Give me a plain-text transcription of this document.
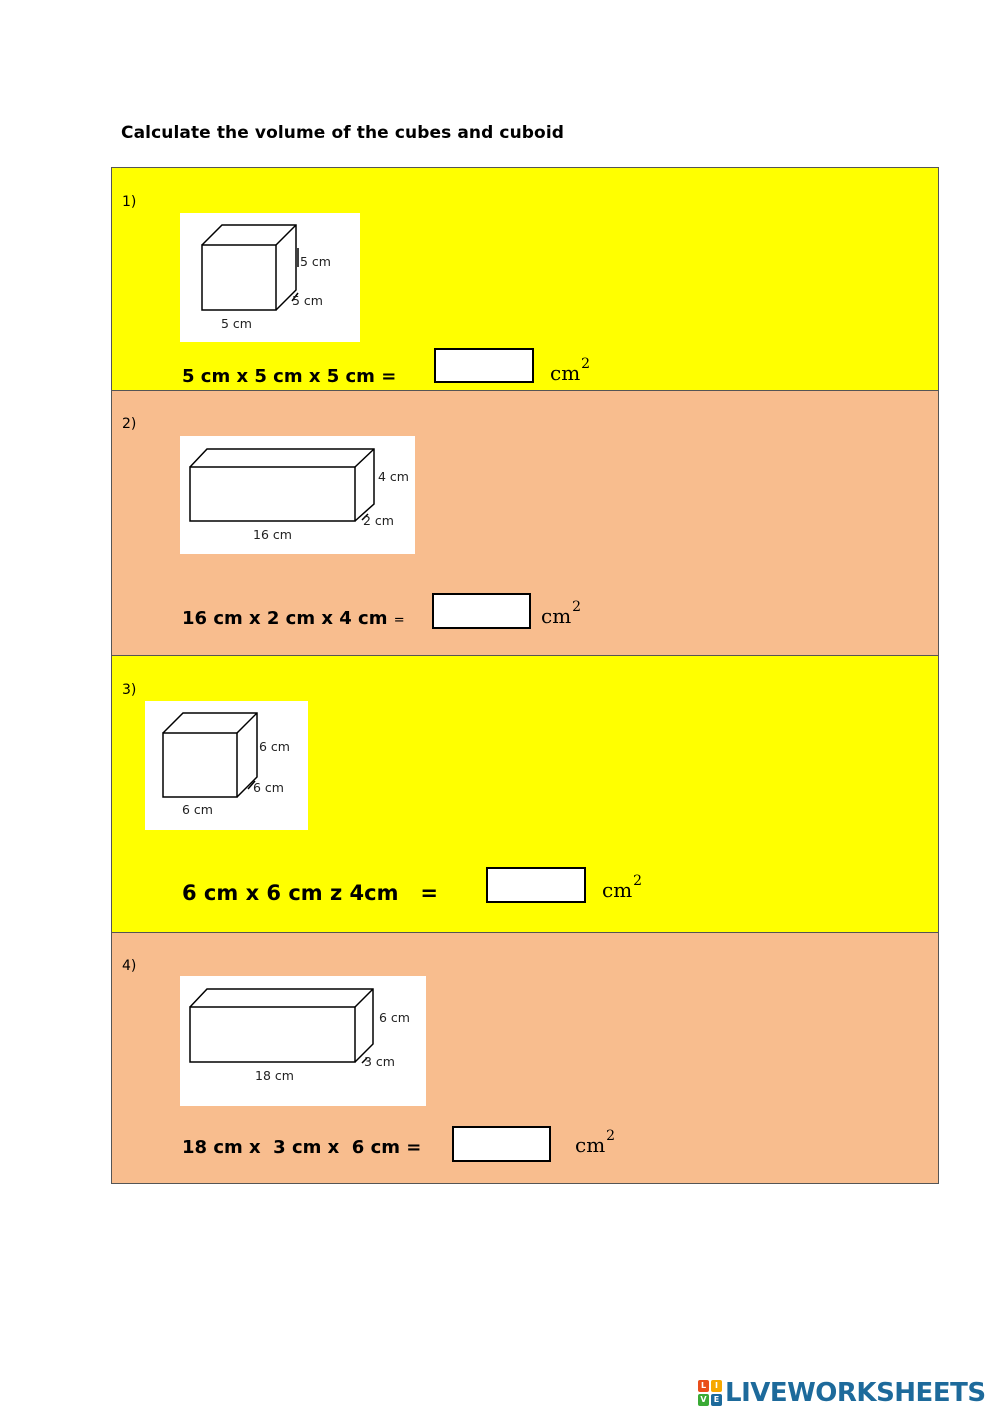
Calculate the volume of the cubes and cuboid
1)
5 cm
5 cm
5 cm
5 cm x 5 cm x 5 cm =	$cm^2$
2)
4 cm
2 cm
16 cm
16 cm x 2 cm x 4 cm =	$cm^2$
3)
6 cm
6 cm
6 cm
6 cm x 6 cm z 4cm   =	$cm^2$
4)
6 cm
3 cm
18 cm
18 cm x  3 cm x  6 cm =	$cm^2$
L	I
V E LIVEWORKSHEETS
